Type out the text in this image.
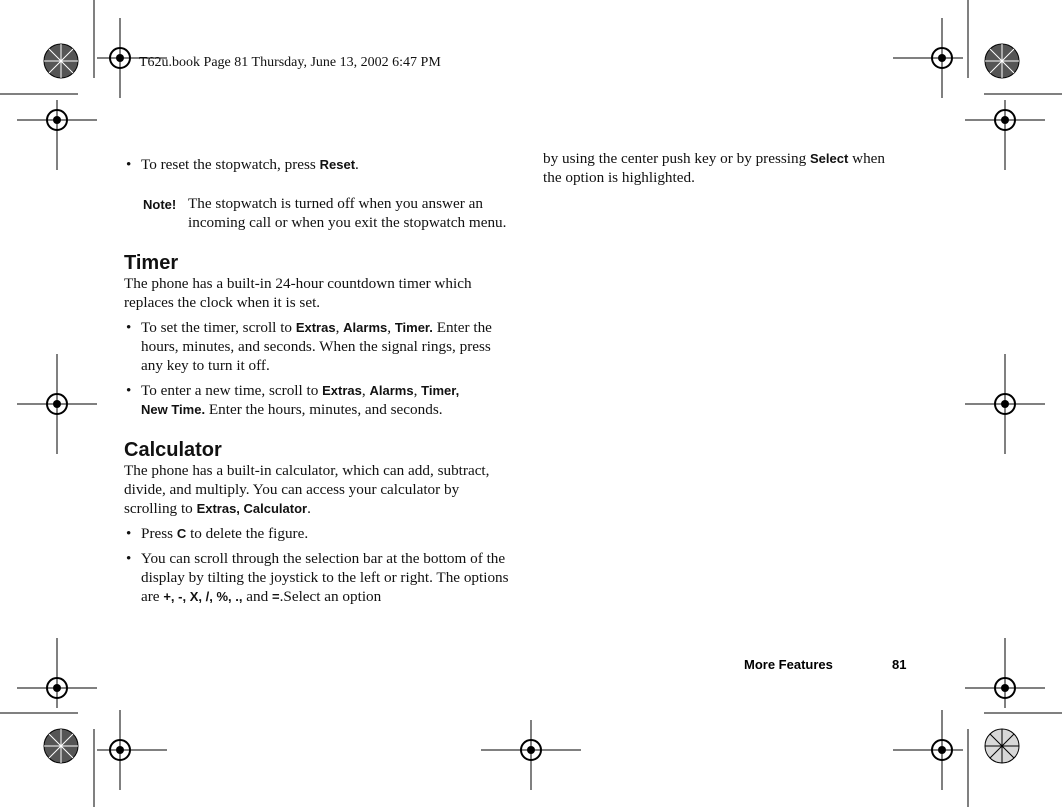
T62u.book Page 81 Thursday, June 13, 2002 6:47 PM

• To reset the stopwatch, press Reset.

Note! The stopwatch is turned off when you answer an incoming call or when you exit the stopwatch menu.

Timer

The phone has a built-in 24-hour countdown timer which replaces the clock when it is set.

• To set the timer, scroll to Extras, Alarms, Timer. Enter the hours, minutes, and seconds. When the signal rings, press any key to turn it off.

• To enter a new time, scroll to Extras, Alarms, Timer,
New Time. Enter the hours, minutes, and seconds.

Calculator

The phone has a built-in calculator, which can add, subtract, divide, and multiply. You can access your calculator by scrolling to Extras, Calculator.

• Press C to delete the figure.

• You can scroll through the selection bar at the bottom of the display by tilting the joystick to the left or right. The options are +, -, X, /, %, ., and =.Select an option

by using the center push key or by pressing Select when the option is highlighted.

More Features	81
